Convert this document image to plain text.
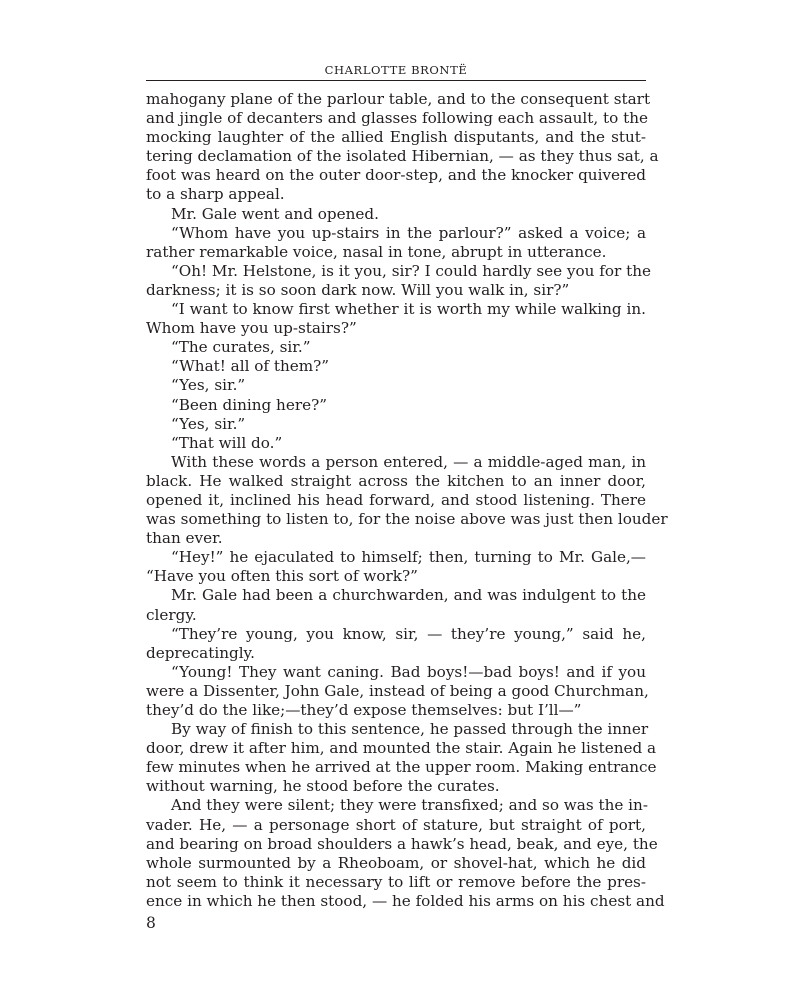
CHARLOTTE BRONTË
mahogany plane of the parlour table, and to the consequent start
and jingle of decanters and glasses following each assault, to the
mocking laughter of the allied English disputants, and the stut-
tering declamation of the isolated Hibernian, — as they thus sat, a
foot was heard on the outer door-step, and the knocker quivered
to a sharp appeal.
Mr. Gale went and opened.
“Whom have you up-stairs in the parlour?” asked a voice; a
rather remarkable voice, nasal in tone, abrupt in utterance.
“Oh! Mr. Helstone, is it you, sir? I could hardly see you for the
darkness; it is so soon dark now. Will you walk in, sir?”
“I want to know first whether it is worth my while walking in.
Whom have you up-stairs?”
“The curates, sir.”
“What! all of them?”
“Yes, sir.”
“Been dining here?”
“Yes, sir.”
“That will do.”
With these words a person entered, — a middle-aged man, in
black. He walked straight across the kitchen to an inner door,
opened it, inclined his head forward, and stood listening. There
was something to listen to, for the noise above was just then louder
than ever.
“Hey!” he ejaculated to himself; then, turning to Mr. Gale,—
“Have you often this sort of work?”
Mr. Gale had been a churchwarden, and was indulgent to the
clergy.
“They’re young, you know, sir, — they’re young,” said he,
deprecatingly.
“Young! They want caning. Bad boys!—bad boys! and if you
were a Dissenter, John Gale, instead of being a good Churchman,
they’d do the like;—they’d expose themselves: but I’ll—”
By way of finish to this sentence, he passed through the inner
door, drew it after him, and mounted the stair. Again he listened a
few minutes when he arrived at the upper room. Making entrance
without warning, he stood before the curates.
And they were silent; they were transfixed; and so was the in-
vader. He, — a personage short of stature, but straight of port,
and bearing on broad shoulders a hawk’s head, beak, and eye, the
whole surmounted by a Rheoboam, or shovel-hat, which he did
not seem to think it necessary to lift or remove before the pres-
ence in which he then stood, — he folded his arms on his chest and
8
